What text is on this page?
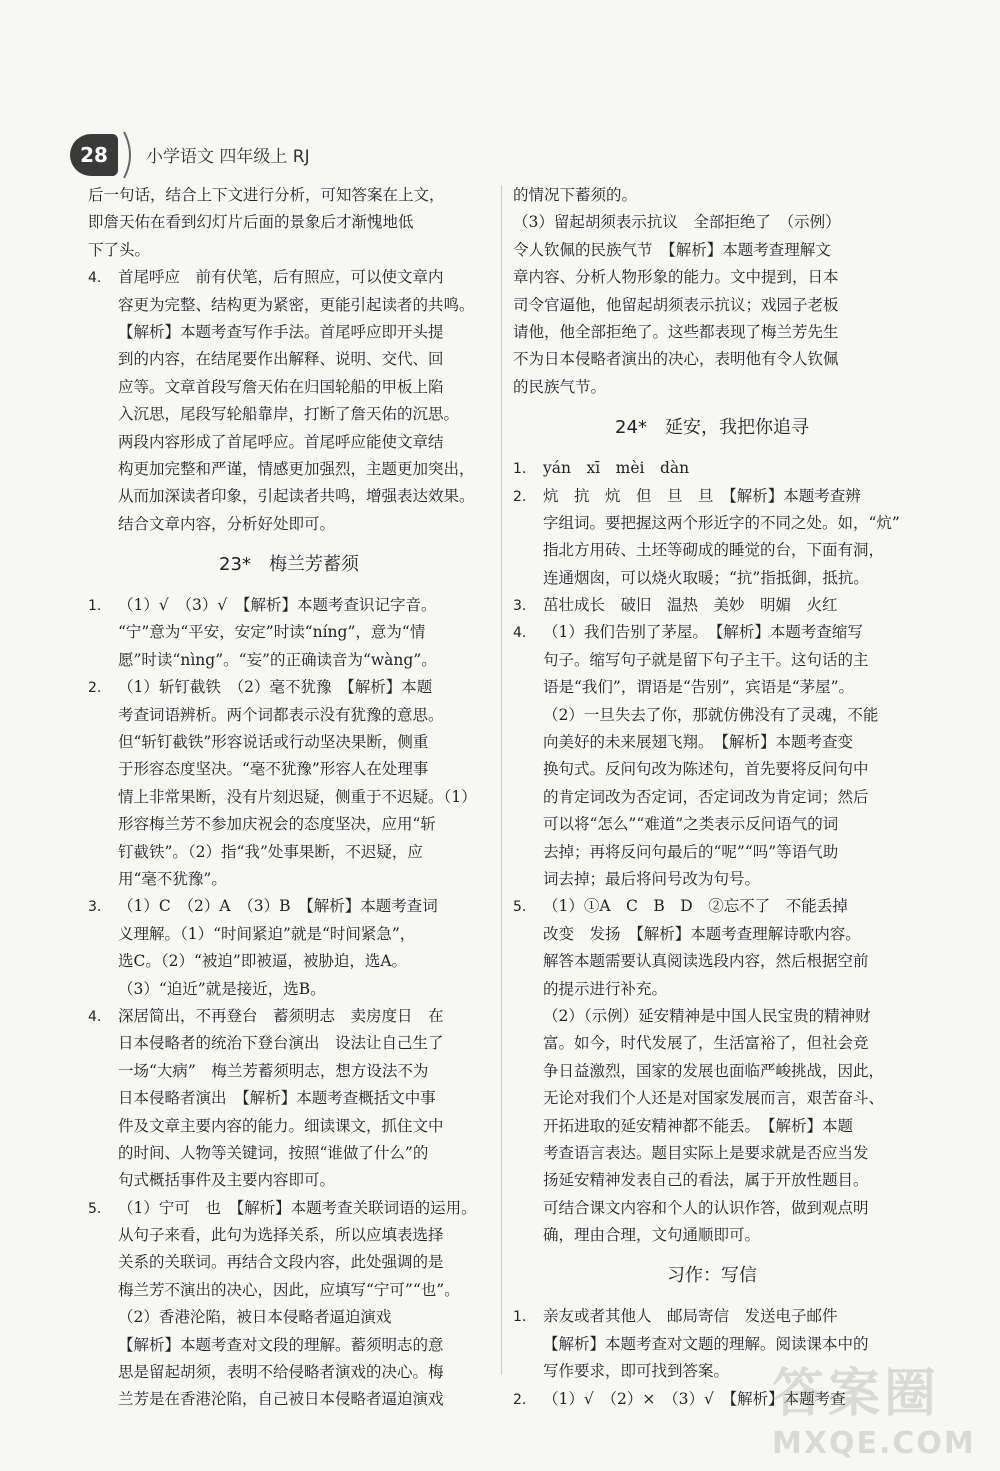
28	小学语文 四年级上 RJ
后一句话，结合上下文进行分析，可知答案在上文，
即詹天佑在看到幻灯片后面的景象后才渐愧地低
下了头。
4. 首尾呼应　前有伏笔，后有照应，可以使文章内
容更为完整、结构更为紧密，更能引起读者的共鸣。
【解析】本题考查写作手法。首尾呼应即开头提
到的内容，在结尾要作出解释、说明、交代、回
应等。文章首段写詹天佑在归国轮船的甲板上陷
入沉思，尾段写轮船靠岸，打断了詹天佑的沉思。
两段内容形成了首尾呼应。首尾呼应能使文章结
构更加完整和严谨，情感更加强烈，主题更加突出，
从而加深读者印象，引起读者共鸣，增强表达效果。
结合文章内容，分析好处即可。
23*　梅兰芳蓄须
1. （1）√　（3）√　【解析】本题考查识记字音。
“宁”意为“平安，安定”时读“níng”，意为“情
愿”时读“nìng”。“妄”的正确读音为“wàng”。
2. （1）斩钉截铁　（2）毫不犹豫　【解析】本题
考查词语辨析。两个词都表示没有犹豫的意思。
但“斩钉截铁”形容说话或行动坚决果断，侧重
于形容态度坚决。“毫不犹豫”形容人在处理事
情上非常果断，没有片刻迟疑，侧重于不迟疑。（1）
形容梅兰芳不参加庆祝会的态度坚决，应用“斩
钉截铁”。（2）指“我”处事果断，不迟疑，应
用“毫不犹豫”。
3. （1）C　（2）A　（3）B　【解析】本题考查词
义理解。（1）“时间紧迫”就是“时间紧急”，
选C。（2）“被迫”即被逼，被胁迫，选A。
（3）“迫近”就是接近，选B。
4. 深居简出，不再登台　蓄须明志　卖房度日　在
日本侵略者的统治下登台演出　设法让自己生了
一场“大病”　梅兰芳蓄须明志，想方设法不为
日本侵略者演出　【解析】本题考查概括文中事
件及文章主要内容的能力。细读课文，抓住文中
的时间、人物等关键词，按照“谁做了什么”的
句式概括事件及主要内容即可。
5. （1）宁可　也　【解析】本题考查关联词语的运用。
从句子来看，此句为选择关系，所以应填表选择
关系的关联词。再结合文段内容，此处强调的是
梅兰芳不演出的决心，因此，应填写“宁可”“也”。
（2）香港沦陷，被日本侵略者逼迫演戏
【解析】本题考查对文段的理解。蓄须明志的意
思是留起胡须，表明不给侵略者演戏的决心。梅
兰芳是在香港沦陷，自己被日本侵略者逼迫演戏
的情况下蓄须的。
（3）留起胡须表示抗议　全部拒绝了　（示例）
令人钦佩的民族气节　【解析】本题考查理解文
章内容、分析人物形象的能力。文中提到，日本
司令官逼他，他留起胡须表示抗议；戏园子老板
请他，他全部拒绝了。这些都表现了梅兰芳先生
不为日本侵略者演出的决心，表明他有令人钦佩
的民族气节。
24*　延安，我把你追寻
1. yán　xī　mèi　dàn
2. 炕　抗　炕　但　旦　旦　【解析】本题考查辨
字组词。要把握这两个形近字的不同之处。如，“炕”
指北方用砖、土坯等砌成的睡觉的台，下面有洞，
连通烟囱，可以烧火取暖；“抗”指抵御，抵抗。
3. 茁壮成长　破旧　温热　美妙　明媚　火红
4. （1）我们告别了茅屋。　【解析】本题考查缩写
句子。缩写句子就是留下句子主干。这句话的主
语是“我们”，谓语是“告别”，宾语是“茅屋”。
（2）一旦失去了你，那就仿佛没有了灵魂，不能
向美好的未来展翅飞翔。　【解析】本题考查变
换句式。反问句改为陈述句，首先要将反问句中
的肯定词改为否定词，否定词改为肯定词；然后
可以将“怎么”“难道”之类表示反问语气的词
去掉；再将反问句最后的“呢”“吗”等语气助
词去掉；最后将问号改为句号。
5. （1）①A　C　B　D　②忘不了　不能丢掉
改变　发扬　【解析】本题考查理解诗歌内容。
解答本题需要认真阅读选段内容，然后根据空前
的提示进行补充。
（2）（示例）延安精神是中国人民宝贵的精神财
富。如今，时代发展了，生活富裕了，但社会竞
争日益激烈，国家的发展也面临严峻挑战，因此，
无论对我们个人还是对国家发展而言，艰苦奋斗、
开拓进取的延安精神都不能丢。　【解析】本题
考查语言表达。题目实际上是要求就是否应当发
扬延安精神发表自己的看法，属于开放性题目。
可结合课文内容和个人的认识作答，做到观点明
确，理由合理，文句通顺即可。
习作：写信
1. 亲友或者其他人　邮局寄信　发送电子邮件
【解析】本题考查对文题的理解。阅读课本中的
写作要求，即可找到答案。
2. （1）√　（2）×　（3）√　【解析】本题考查
答案圈
MXQE.COM
